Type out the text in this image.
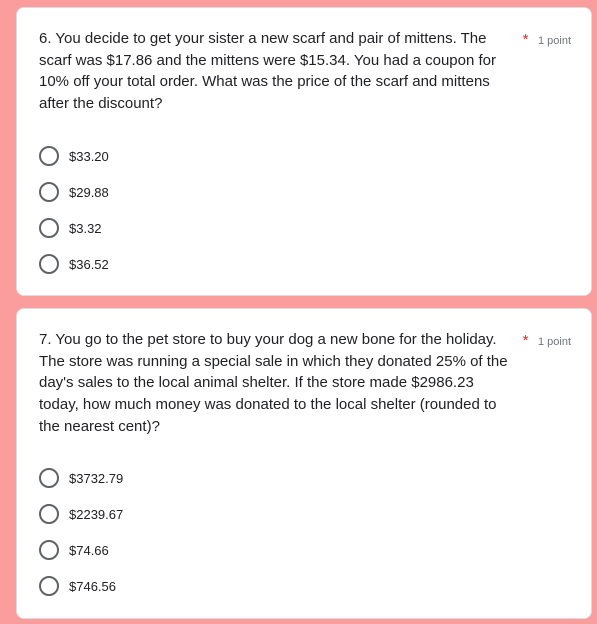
6. You decide to get your sister a new scarf and pair of mittens. The scarf was $17.86 and the mittens were $15.34. You had a coupon for 10% off your total order. What was the price of the scarf and mittens after the discount?
* 1 point
$33.20
$29.88
$3.32
$36.52
7. You go to the pet store to buy your dog a new bone for the holiday. The store was running a special sale in which they donated 25% of the day's sales to the local animal shelter. If the store made $2986.23 today, how much money was donated to the local shelter (rounded to the nearest cent)?
* 1 point
$3732.79
$2239.67
$74.66
$746.56
